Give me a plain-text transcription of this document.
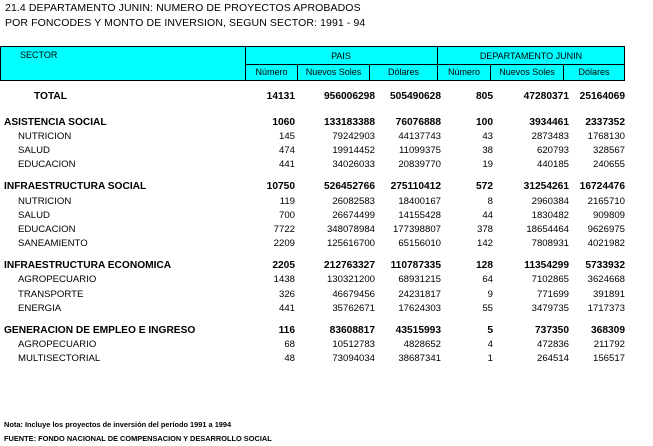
21.4 DEPARTAMENTO JUNIN: NUMERO DE PROYECTOS APROBADOS
POR FONCODES Y MONTO DE INVERSION, SEGUN SECTOR: 1991 - 94
SECTOR	PAIS	DEPARTAMENTO JUNIN
Número	Nuevos Soles	Dólares	Número	Nuevos Soles	Dólares
TOTAL	14131	956006298	505490628	805	47280371	25164069

ASISTENCIA SOCIAL	1060	133183388	76076888	100	3934461	2337352
NUTRICION	145	79242903	44137743	43	2873483	1768130
SALUD	474	19914452	11099375	38	620793	328567
EDUCACION	441	34026033	20839770	19	440185	240655

INFRAESTRUCTURA SOCIAL	10750	526452766	275110412	572	31254261	16724476
NUTRICION	119	26082583	18400167	8	2960384	2165710
SALUD	700	26674499	14155428	44	1830482	909809
EDUCACION	7722	348078984	177398807	378	18654464	9626975
SANEAMIENTO	2209	125616700	65156010	142	7808931	4021982

INFRAESTRUCTURA ECONOMICA	2205	212763327	110787335	128	11354299	5733932
AGROPECUARIO	1438	130321200	68931215	64	7102865	3624668
TRANSPORTE	326	46679456	24231817	9	771699	391891
ENERGIA	441	35762671	17624303	55	3479735	1717373

GENERACION DE EMPLEO E INGRESO	116	83608817	43515993	5	737350	368309
AGROPECUARIO	68	10512783	4828652	4	472836	211792
MULTISECTORIAL	48	73094034	38687341	1	264514	156517
Nota: Incluye los proyectos de inversión del período 1991 a 1994
FUENTE: FONDO NACIONAL DE COMPENSACION Y DESARROLLO SOCIAL
